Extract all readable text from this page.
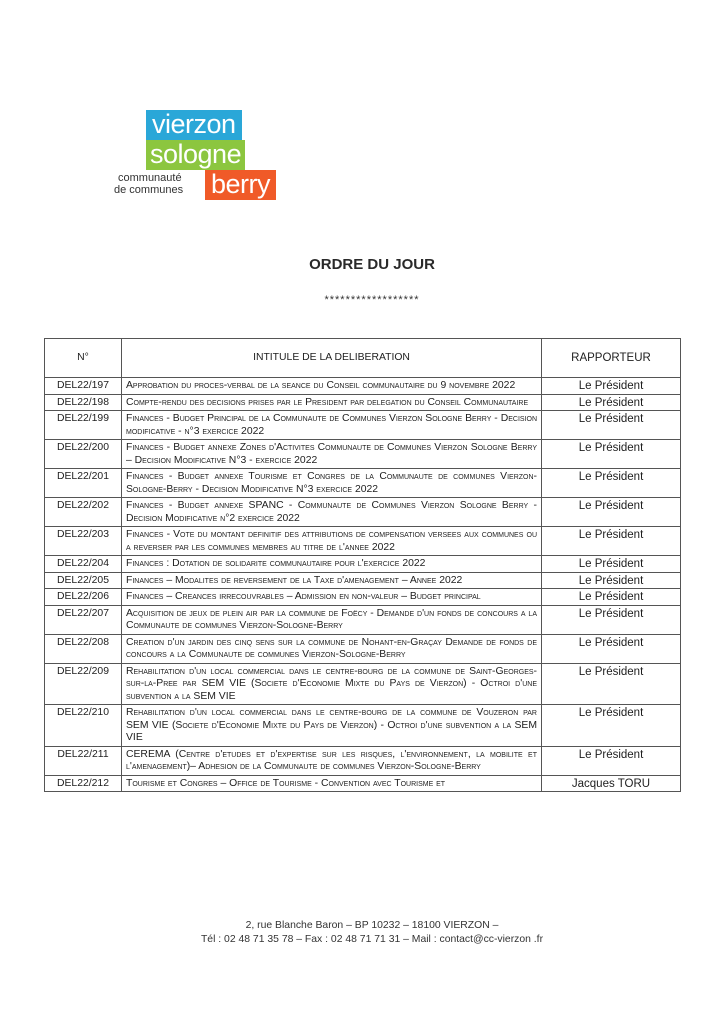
vierzon
sologne
communauté
de communes berry
ORDRE DU JOUR
******************
N°	INTITULE DE LA DELIBERATION	RAPPORTEUR
DEL22/197	Approbation du proces-verbal de la seance du Conseil communautaire du 9 novembre 2022	Le Président
DEL22/198	Compte-rendu des decisions prises par le President par delegation du Conseil Communautaire	Le Président
DEL22/199	Finances - Budget Principal de la Communaute de Communes Vierzon Sologne Berry - Decision modificative - n°3 exercice 2022	Le Président
DEL22/200	Finances - Budget annexe Zones d'Activites Communaute de Communes Vierzon Sologne Berry – Decision Modificative N°3 - exercice 2022	Le Président
DEL22/201	Finances - Budget annexe Tourisme et Congres de la Communaute de communes Vierzon-Sologne-Berry - Decision Modificative N°3 exercice 2022	Le Président
DEL22/202	Finances - Budget annexe SPANC - Communaute de Communes Vierzon Sologne Berry - Decision Modificative n°2 exercice 2022	Le Président
DEL22/203	Finances - Vote du montant definitif des attributions de compensation versees aux communes ou a reverser par les communes membres au titre de l'annee 2022	Le Président
DEL22/204	Finances : Dotation de solidarite communautaire pour l'exercice 2022	Le Président
DEL22/205	Finances – Modalites de reversement de la Taxe d'amenagement – Annee 2022	Le Président
DEL22/206	Finances – Creances irrecouvrables – Admission en non-valeur – Budget principal	Le Président
DEL22/207	Acquisition de jeux de plein air par la commune de Foëcy - Demande d'un fonds de concours a la Communaute de communes Vierzon-Sologne-Berry	Le Président
DEL22/208	Creation d'un jardin des cinq sens sur la commune de Nohant-en-Graçay Demande de fonds de concours a la Communaute de communes Vierzon-Sologne-Berry	Le Président
DEL22/209	Rehabilitation d'un local commercial dans le centre-bourg de la commune de Saint-Georges-sur-la-Pree par SEM VIE (Societe d'Economie Mixte du Pays de Vierzon) - Octroi d'une subvention a la SEM VIE	Le Président
DEL22/210	Rehabilitation d'un local commercial dans le centre-bourg de la commune de Vouzeron par SEM VIE (Societe d'Economie Mixte du Pays de Vierzon) - Octroi d'une subvention a la SEM VIE	Le Président
DEL22/211	CEREMA (Centre d'etudes et d'expertise sur les risques, l'environnement, la mobilite et l'amenagement)– Adhesion de la Communaute de communes Vierzon-Sologne-Berry	Le Président
DEL22/212	Tourisme et Congres – Office de Tourisme - Convention avec Tourisme et	Jacques TORU
2, rue Blanche Baron – BP 10232 – 18100 VIERZON –
Tél : 02 48 71 35 78 – Fax : 02 48 71 71 31 – Mail : contact@cc-vierzon .fr
